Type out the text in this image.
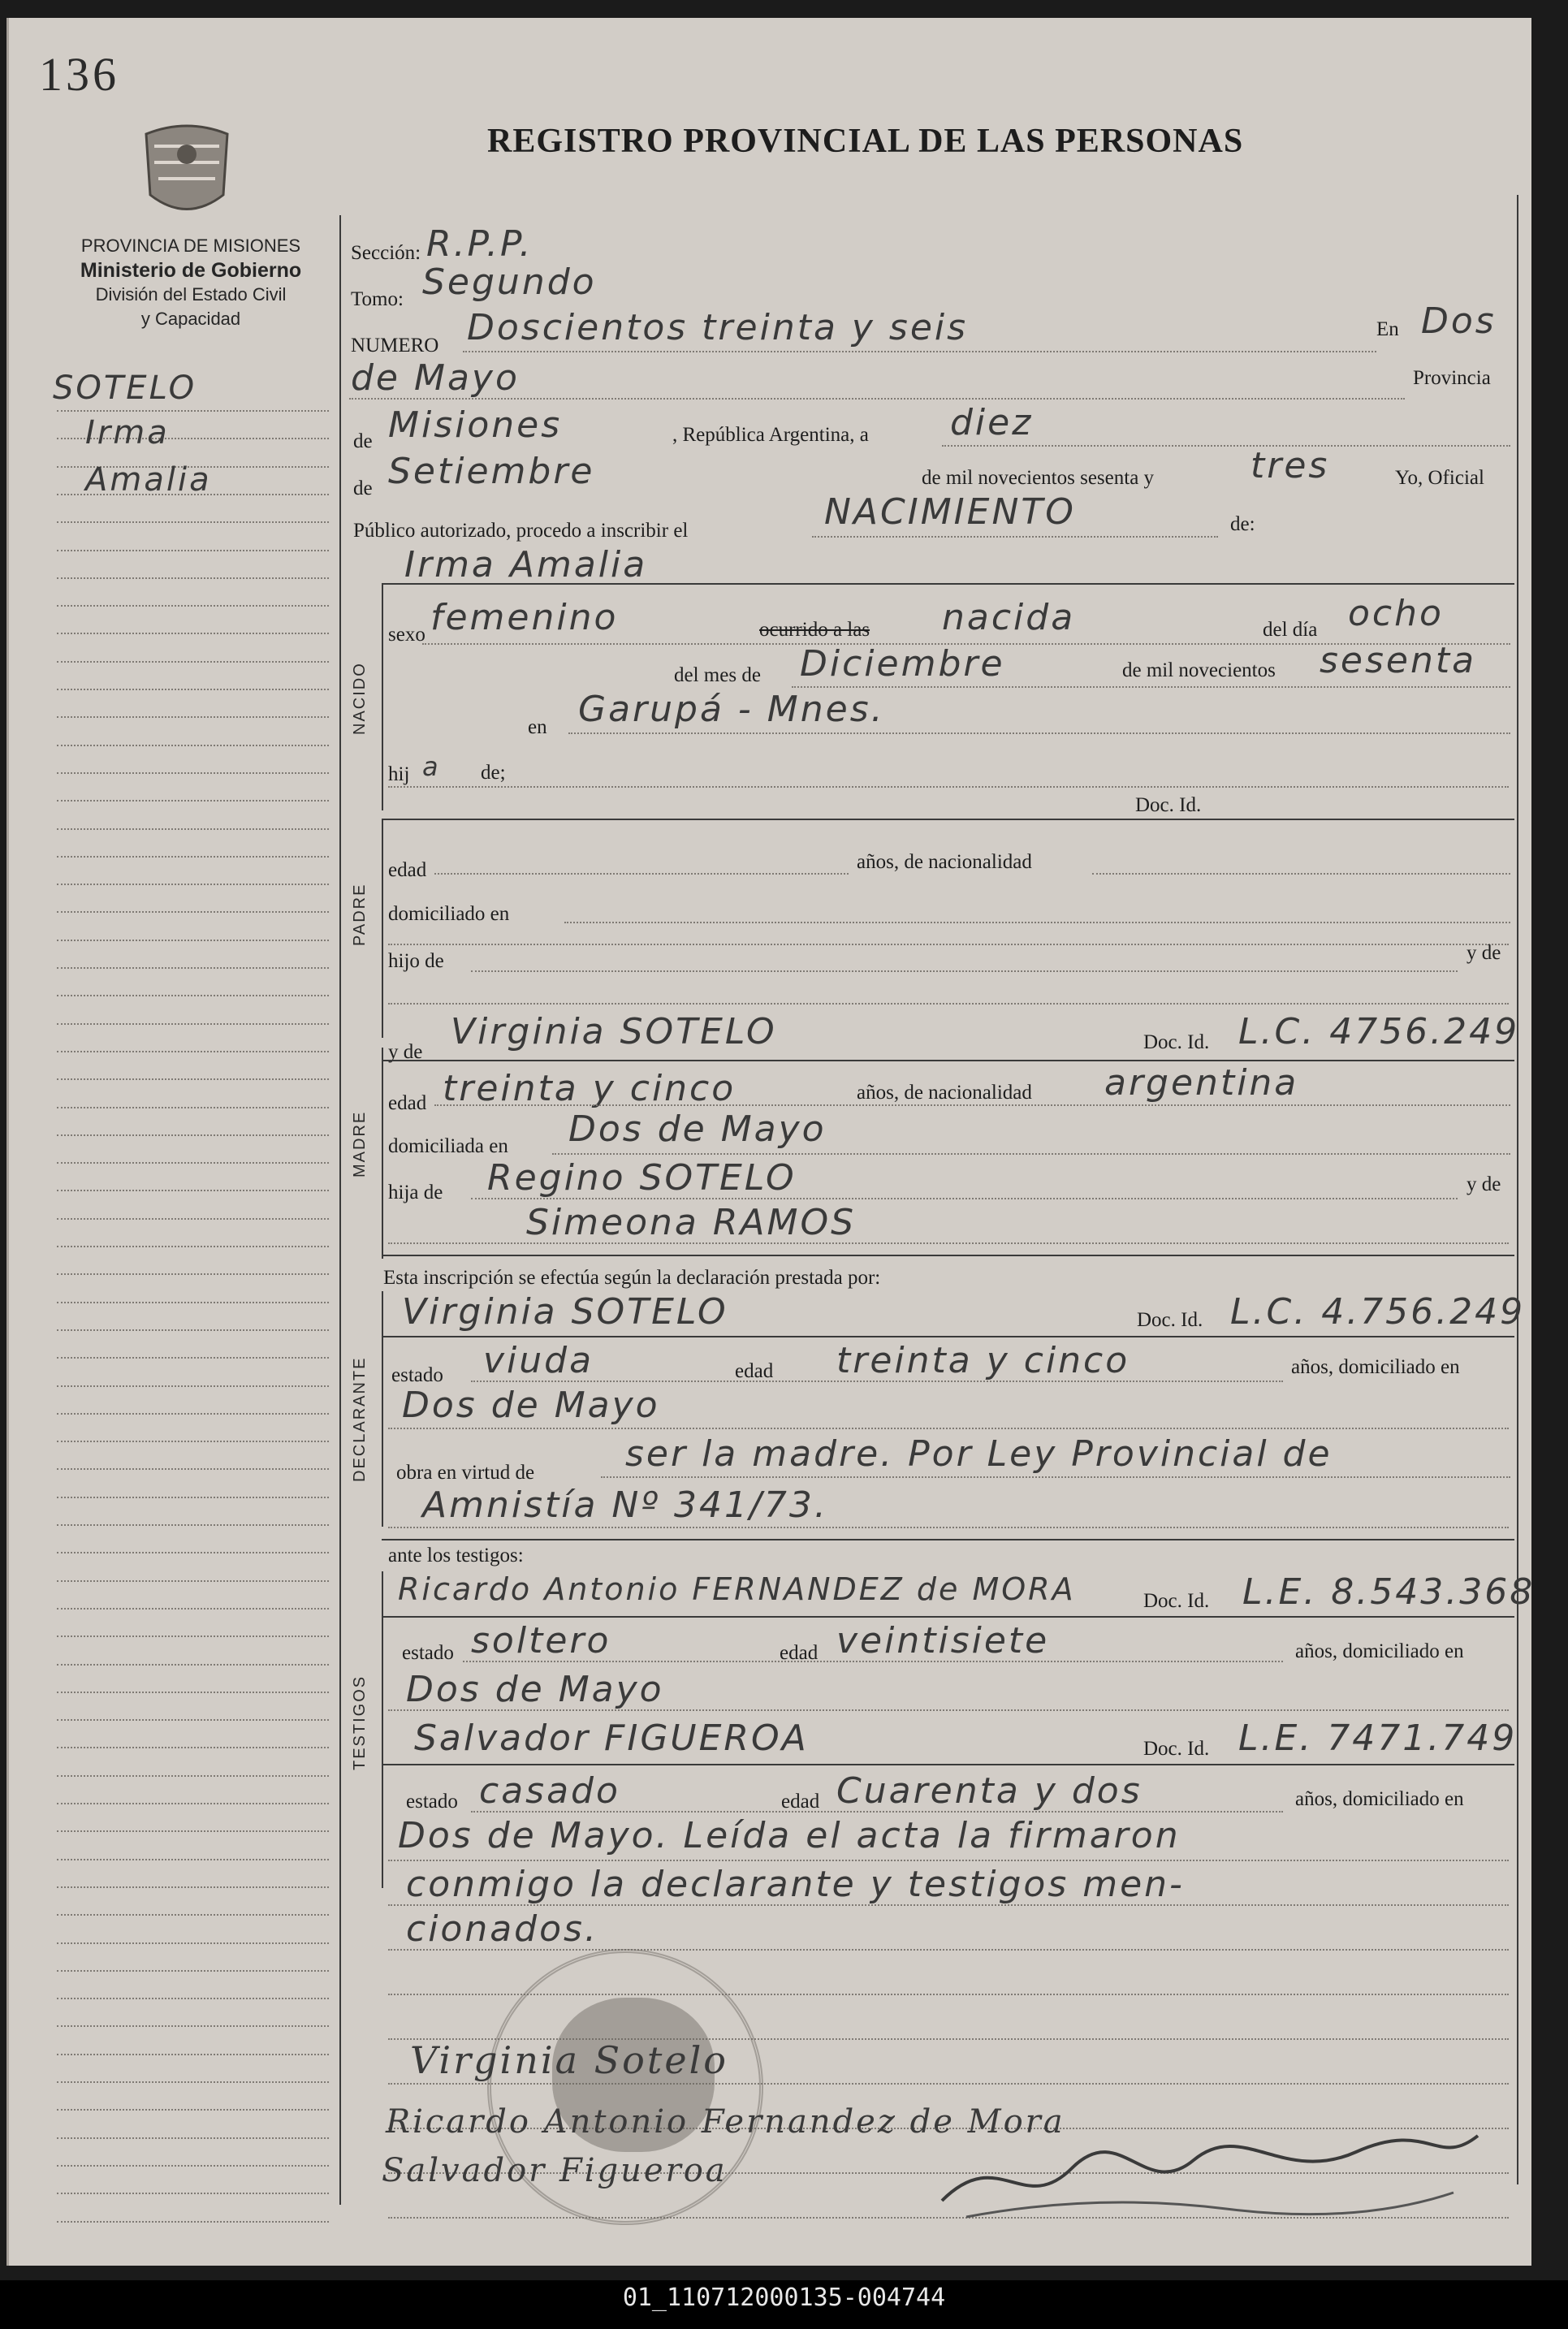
136
REGISTRO PROVINCIAL DE LAS PERSONAS
PROVINCIA DE MISIONES
Ministerio de Gobierno
División del Estado Civil
y Capacidad
SOTELO
Irma
Amalia
Sección: R.P.P.
Tomo: Segundo
NUMERO Doscientos treinta y seis	En Dos
de Mayo	Provincia
de Misiones	, República Argentina, a diez
de Setiembre	de mil novecientos sesenta y	tres	Yo, Oficial
Público autorizado, procedo a inscribir el	NACIMIENTO	de:
Irma Amalia
NACIDO
sexo femenino	ocurrido a las nacida	del día ocho
del mes de Diciembre	de mil novecientos sesenta
en Garupá - Mnes.
hij a de;
Doc. Id.
PADRE
edad	años, de nacionalidad
domiciliado en
hijo de	y de
y de Virginia SOTELO	Doc. Id. L.C. 4756.249
MADRE
edad treinta y cinco	años, de nacionalidad argentina
domiciliada en Dos de Mayo
hija de Regino SOTELO	y de
Simeona RAMOS
Esta inscripción se efectúa según la declaración prestada por:
Virginia SOTELO	Doc. Id. L.C. 4.756.249
DECLARANTE estado viuda	edad treinta y cinco	años, domiciliado en
Dos de Mayo
obra en virtud de	ser la madre. Por Ley Provincial de
Amnistía Nº 341/73.
ante los testigos:
Ricardo Antonio FERNANDEZ de MORA	Doc. Id. L.E. 8.543.368
TESTIGOS
estado soltero	edad veintisiete	años, domiciliado en
Dos de Mayo
Salvador FIGUEROA	Doc. Id. L.E. 7471.749
estado casado	edad Cuarenta y dos	años, domiciliado en
Dos de Mayo. Leída el acta la firmaron
conmigo la declarante y testigos men-
cionados.
Virginia Sotelo
Ricardo Antonio Fernandez de Mora
Salvador Figueroa
01_110712000135-004744
